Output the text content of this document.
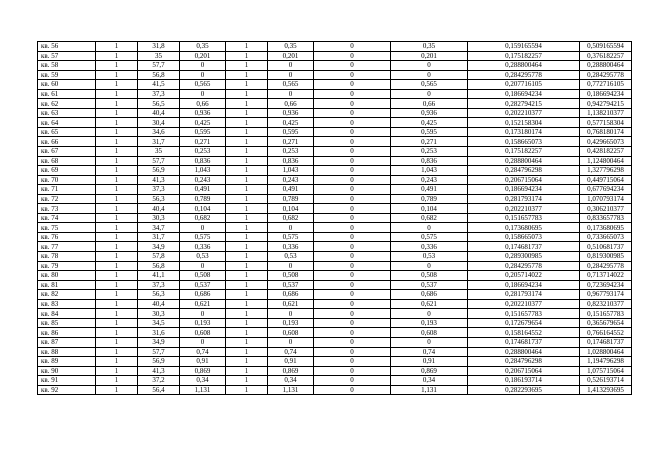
кв. 56	1	31,8	0,35	1	0,35	0	0,35	0,159165594	0,509165594
кв. 57	1	35	0,201	1	0,201	0	0,201	0,175182257	0,376182257
кв. 58	1	57,7	0	1	0	0	0	0,288800464	0,288800464
кв. 59	1	56,8	0	1	0	0	0	0,284295778	0,284295778
кв. 60	1	41,5	0,565	1	0,565	0	0,565	0,207716105	0,772716105
кв. 61	1	37,3	0	1	0	0	0	0,186694234	0,186694234
кв. 62	1	56,5	0,66	1	0,66	0	0,66	0,282794215	0,942794215
кв. 63	1	40,4	0,936	1	0,936	0	0,936	0,202210377	1,138210377
кв. 64	1	30,4	0,425	1	0,425	0	0,425	0,152158304	0,577158304
кв. 65	1	34,6	0,595	1	0,595	0	0,595	0,173180174	0,768180174
кв. 66	1	31,7	0,271	1	0,271	0	0,271	0,158665073	0,429665073
кв. 67	1	35	0,253	1	0,253	0	0,253	0,175182257	0,428182257
кв. 68	1	57,7	0,836	1	0,836	0	0,836	0,288800464	1,124800464
кв. 69	1	56,9	1,043	1	1,043	0	1,043	0,284796298	1,327796298
кв. 70	1	41,3	0,243	1	0,243	0	0,243	0,206715064	0,449715064
кв. 71	1	37,3	0,491	1	0,491	0	0,491	0,186694234	0,677694234
кв. 72	1	56,3	0,789	1	0,789	0	0,789	0,281793174	1,070793174
кв. 73	1	40,4	0,104	1	0,104	0	0,104	0,202210377	0,306210377
кв. 74	1	30,3	0,682	1	0,682	0	0,682	0,151657783	0,833657783
кв. 75	1	34,7	0	1	0	0	0	0,173680695	0,173680695
кв. 76	1	31,7	0,575	1	0,575	0	0,575	0,158665073	0,733665073
кв. 77	1	34,9	0,336	1	0,336	0	0,336	0,174681737	0,510681737
кв. 78	1	57,8	0,53	1	0,53	0	0,53	0,289300985	0,819300985
кв. 79	1	56,8	0	1	0	0	0	0,284295778	0,284295778
кв. 80	1	41,1	0,508	1	0,508	0	0,508	0,205714022	0,713714022
кв. 81	1	37,3	0,537	1	0,537	0	0,537	0,186694234	0,723694234
кв. 82	1	56,3	0,686	1	0,686	0	0,686	0,281793174	0,967793174
кв. 83	1	40,4	0,621	1	0,621	0	0,621	0,202210377	0,823210377
кв. 84	1	30,3	0	1	0	0	0	0,151657783	0,151657783
кв. 85	1	34,5	0,193	1	0,193	0	0,193	0,172679654	0,365679654
кв. 86	1	31,6	0,608	1	0,608	0	0,608	0,158164552	0,766164552
кв. 87	1	34,9	0	1	0	0	0	0,174681737	0,174681737
кв. 88	1	57,7	0,74	1	0,74	0	0,74	0,288800464	1,028800464
кв. 89	1	56,9	0,91	1	0,91	0	0,91	0,284796298	1,194796298
кв. 90	1	41,3	0,869	1	0,869	0	0,869	0,206715064	1,075715064
кв. 91	1	37,2	0,34	1	0,34	0	0,34	0,186193714	0,526193714
кв. 92	1	56,4	1,131	1	1,131	0	1,131	0,282293695	1,413293695
